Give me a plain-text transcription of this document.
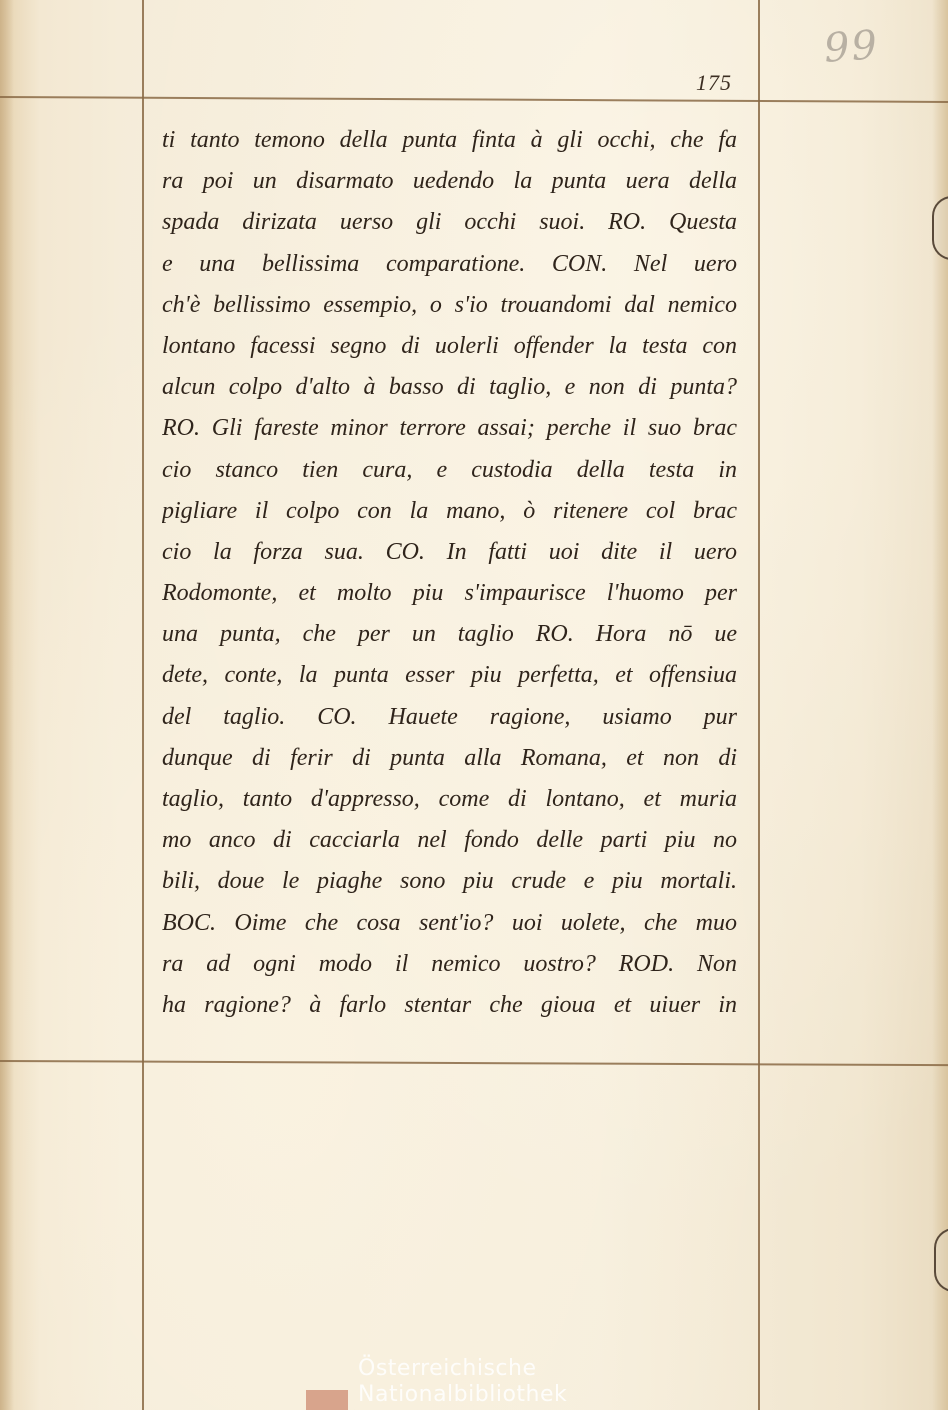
99
175
ti tanto temono della punta finta à gli occhi, che fa
ra poi un disarmato uedendo la punta uera della
spada dirizata uerso gli occhi suoi. RO. Questa
e una bellissima comparatione. CON. Nel uero
ch'è bellissimo essempio, o s'io trouandomi dal nemico
lontano facessi segno di uolerli offender la testa con
alcun colpo d'alto à basso di taglio, e non di punta?
RO. Gli fareste minor terrore assai; perche il suo brac
cio stanco tien cura, e custodia della testa in
pigliare il colpo con la mano, ò ritenere col brac
cio la forza sua. CO. In fatti uoi dite il uero
Rodomonte, et molto piu s'impaurisce l'huomo per
una punta, che per un taglio RO. Hora nō ue
dete, conte, la punta esser piu perfetta, et offensiua
del taglio. CO. Hauete ragione, usiamo pur
dunque di ferir di punta alla Romana, et non di
taglio, tanto d'appresso, come di lontano, et muria
mo anco di cacciarla nel fondo delle parti piu no
bili, doue le piaghe sono piu crude e piu mortali.
BOC. Oime che cosa sent'io? uoi uolete, che muo
ra ad ogni modo il nemico uostro? ROD. Non
ha ragione? à farlo stentar che gioua et uiuer in
Österreichische
Nationalbibliothek
